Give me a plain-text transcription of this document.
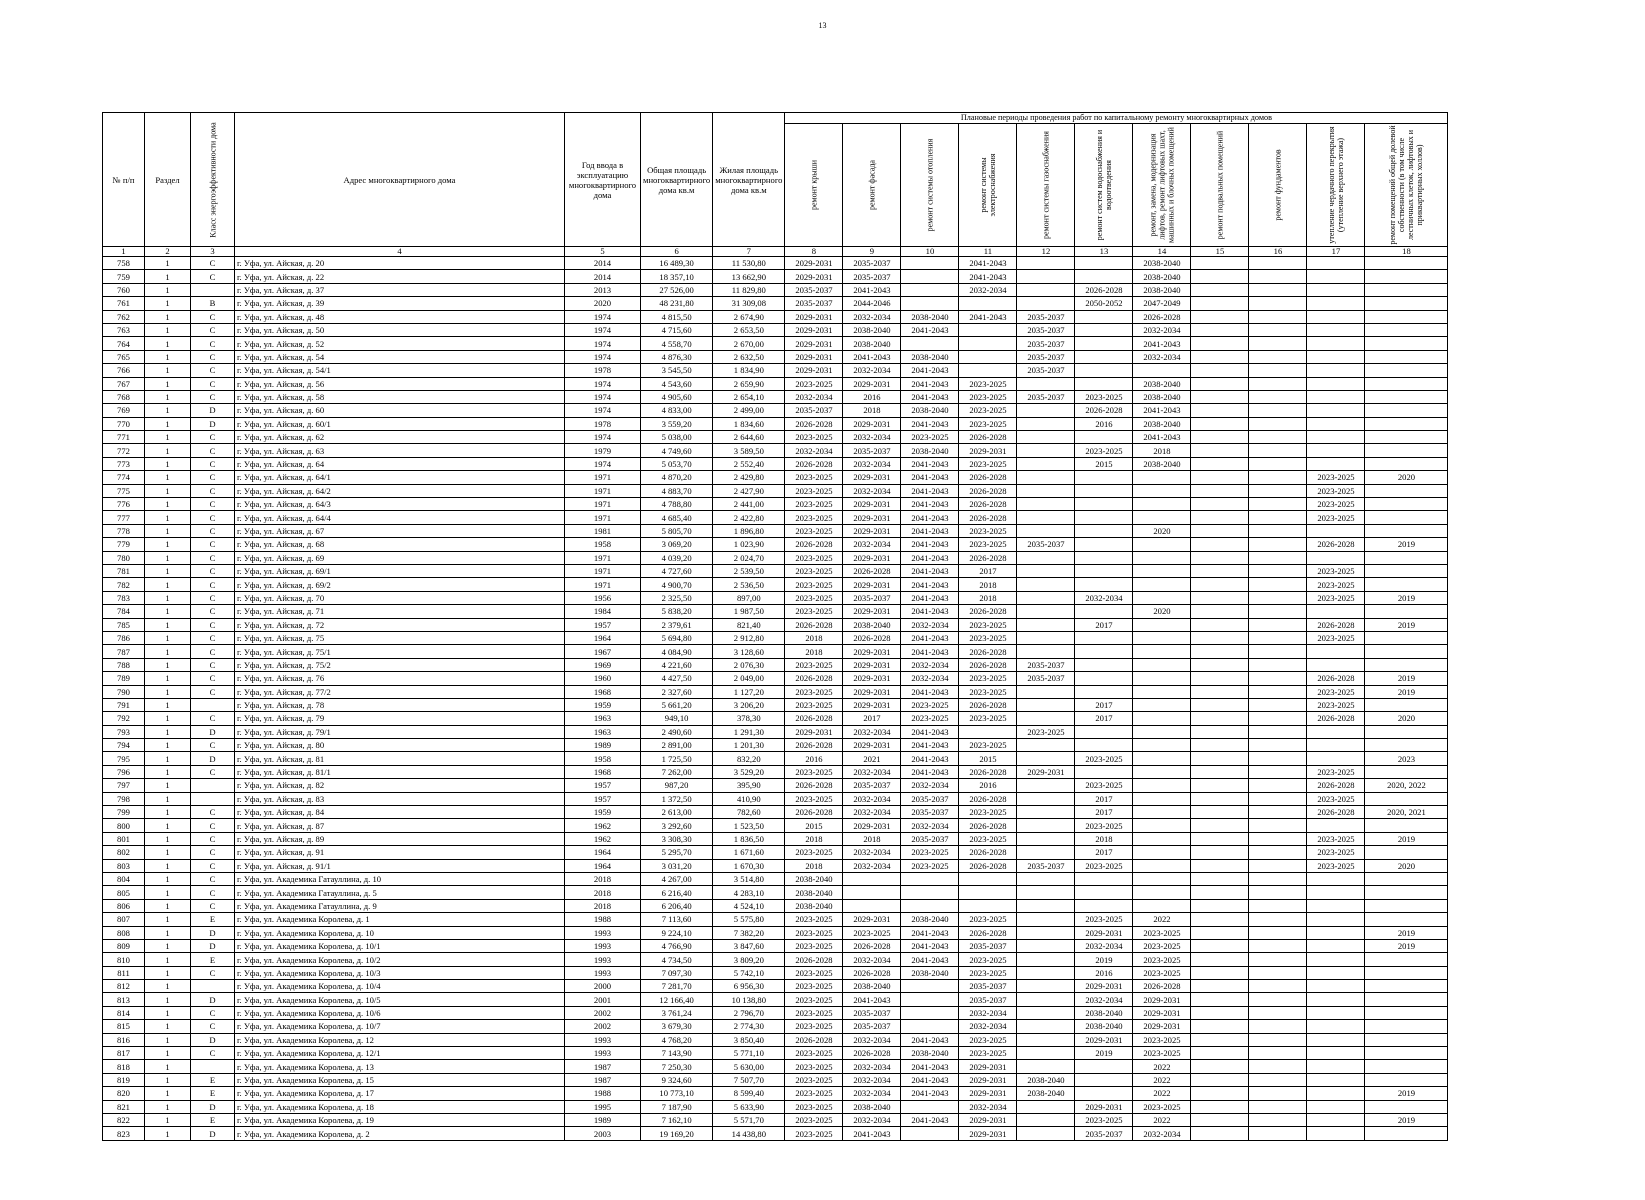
13
№ п/п	Раздел	Класс энергоэффективности дома	Адрес многоквартирного дома	Год ввода в эксплуатацию многоквартирного дома	Общая площадь многоквартирного дома кв.м	Жилая площадь многоквартирного дома кв.м	Плановые периоды проведения работ по капитальному ремонту многоквартирных домов										

							ремонт крыши	ремонт фасада	ремонт системы отопления	ремонт системы электроснабжения	ремонт системы газоснабжения	ремонт систем водоснабжения и водоотведения	ремонт, замена, модернизация лифтов, ремонт лифтовых шахт, машинных и блочных помещений	ремонт подвальных помещений	ремонт фундаментов	утепление чердачного перекрытия (утепление верхнего этажа)	ремонт помещений общей долевой собственности (в том числе лестничных клеток, лифтовых и приквартирных холлов)

1	2	3	4	5	6	7	8	9	10	11	12	13	14	15	16	17	18
758	1	C	г. Уфа, ул. Айская, д. 20	2014	16 489,30	11 530,80	2029-2031	2035-2037		2041-2043			2038-2040				
759	1	C	г. Уфа, ул. Айская, д. 22	2014	18 357,10	13 662,90	2029-2031	2035-2037		2041-2043			2038-2040				
760	1		г. Уфа, ул. Айская, д. 37	2013	27 526,00	11 829,80	2035-2037	2041-2043		2032-2034		2026-2028	2038-2040				
761	1	B	г. Уфа, ул. Айская, д. 39	2020	48 231,80	31 309,08	2035-2037	2044-2046				2050-2052	2047-2049				
762	1	C	г. Уфа, ул. Айская, д. 48	1974	4 815,50	2 674,90	2029-2031	2032-2034	2038-2040	2041-2043	2035-2037		2026-2028				
763	1	C	г. Уфа, ул. Айская, д. 50	1974	4 715,60	2 653,50	2029-2031	2038-2040	2041-2043		2035-2037		2032-2034				
764	1	C	г. Уфа, ул. Айская, д. 52	1974	4 558,70	2 670,00	2029-2031	2038-2040			2035-2037		2041-2043				
765	1	C	г. Уфа, ул. Айская, д. 54	1974	4 876,30	2 632,50	2029-2031	2041-2043	2038-2040		2035-2037		2032-2034				
766	1	C	г. Уфа, ул. Айская, д. 54/1	1978	3 545,50	1 834,90	2029-2031	2032-2034	2041-2043		2035-2037						
767	1	C	г. Уфа, ул. Айская, д. 56	1974	4 543,60	2 659,90	2023-2025	2029-2031	2041-2043	2023-2025			2038-2040				
768	1	C	г. Уфа, ул. Айская, д. 58	1974	4 905,60	2 654,10	2032-2034	2016	2041-2043	2023-2025	2035-2037	2023-2025	2038-2040				
769	1	D	г. Уфа, ул. Айская, д. 60	1974	4 833,00	2 499,00	2035-2037	2018	2038-2040	2023-2025		2026-2028	2041-2043				
770	1	D	г. Уфа, ул. Айская, д. 60/1	1978	3 559,20	1 834,60	2026-2028	2029-2031	2041-2043	2023-2025		2016	2038-2040				
771	1	C	г. Уфа, ул. Айская, д. 62	1974	5 038,00	2 644,60	2023-2025	2032-2034	2023-2025	2026-2028			2041-2043				
772	1	C	г. Уфа, ул. Айская, д. 63	1979	4 749,60	3 589,50	2032-2034	2035-2037	2038-2040	2029-2031		2023-2025	2018				
773	1	C	г. Уфа, ул. Айская, д. 64	1974	5 053,70	2 552,40	2026-2028	2032-2034	2041-2043	2023-2025		2015	2038-2040				
774	1	C	г. Уфа, ул. Айская, д. 64/1	1971	4 870,20	2 429,80	2023-2025	2029-2031	2041-2043	2026-2028						2023-2025	2020
775	1	C	г. Уфа, ул. Айская, д. 64/2	1971	4 883,70	2 427,90	2023-2025	2032-2034	2041-2043	2026-2028						2023-2025	
776	1	C	г. Уфа, ул. Айская, д. 64/3	1971	4 788,80	2 441,00	2023-2025	2029-2031	2041-2043	2026-2028						2023-2025	
777	1	C	г. Уфа, ул. Айская, д. 64/4	1971	4 685,40	2 422,80	2023-2025	2029-2031	2041-2043	2026-2028						2023-2025	
778	1	C	г. Уфа, ул. Айская, д. 67	1981	5 805,70	1 896,80	2023-2025	2029-2031	2041-2043	2023-2025			2020				
779	1	C	г. Уфа, ул. Айская, д. 68	1958	3 069,20	1 023,90	2026-2028	2032-2034	2041-2043	2023-2025	2035-2037					2026-2028	2019
780	1	C	г. Уфа, ул. Айская, д. 69	1971	4 039,20	2 024,70	2023-2025	2029-2031	2041-2043	2026-2028							
781	1	C	г. Уфа, ул. Айская, д. 69/1	1971	4 727,60	2 539,50	2023-2025	2026-2028	2041-2043	2017						2023-2025	
782	1	C	г. Уфа, ул. Айская, д. 69/2	1971	4 900,70	2 536,50	2023-2025	2029-2031	2041-2043	2018						2023-2025	
783	1	C	г. Уфа, ул. Айская, д. 70	1956	2 325,50	897,00	2023-2025	2035-2037	2041-2043	2018		2032-2034				2023-2025	2019
784	1	C	г. Уфа, ул. Айская, д. 71	1984	5 838,20	1 987,50	2023-2025	2029-2031	2041-2043	2026-2028			2020				
785	1	C	г. Уфа, ул. Айская, д. 72	1957	2 379,61	821,40	2026-2028	2038-2040	2032-2034	2023-2025		2017				2026-2028	2019
786	1	C	г. Уфа, ул. Айская, д. 75	1964	5 694,80	2 912,80	2018	2026-2028	2041-2043	2023-2025						2023-2025	
787	1	C	г. Уфа, ул. Айская, д. 75/1	1967	4 084,90	3 128,60	2018	2029-2031	2041-2043	2026-2028							
788	1	C	г. Уфа, ул. Айская, д. 75/2	1969	4 221,60	2 076,30	2023-2025	2029-2031	2032-2034	2026-2028	2035-2037						
789	1	C	г. Уфа, ул. Айская, д. 76	1960	4 427,50	2 049,00	2026-2028	2029-2031	2032-2034	2023-2025	2035-2037					2026-2028	2019
790	1	C	г. Уфа, ул. Айская, д. 77/2	1968	2 327,60	1 127,20	2023-2025	2029-2031	2041-2043	2023-2025						2023-2025	2019
791	1		г. Уфа, ул. Айская, д. 78	1959	5 661,20	3 206,20	2023-2025	2029-2031	2023-2025	2026-2028		2017				2023-2025	
792	1	C	г. Уфа, ул. Айская, д. 79	1963	949,10	378,30	2026-2028	2017	2023-2025	2023-2025		2017				2026-2028	2020
793	1	D	г. Уфа, ул. Айская, д. 79/1	1963	2 490,60	1 291,30	2029-2031	2032-2034	2041-2043		2023-2025						
794	1	C	г. Уфа, ул. Айская, д. 80	1989	2 891,00	1 201,30	2026-2028	2029-2031	2041-2043	2023-2025							
795	1	D	г. Уфа, ул. Айская, д. 81	1958	1 725,50	832,20	2016	2021	2041-2043	2015		2023-2025					2023
796	1	C	г. Уфа, ул. Айская, д. 81/1	1968	7 262,00	3 529,20	2023-2025	2032-2034	2041-2043	2026-2028	2029-2031					2023-2025	
797	1		г. Уфа, ул. Айская, д. 82	1957	987,20	395,90	2026-2028	2035-2037	2032-2034	2016		2023-2025				2026-2028	2020, 2022
798	1		г. Уфа, ул. Айская, д. 83	1957	1 372,50	410,90	2023-2025	2032-2034	2035-2037	2026-2028		2017				2023-2025	
799	1	C	г. Уфа, ул. Айская, д. 84	1959	2 613,00	782,60	2026-2028	2032-2034	2035-2037	2023-2025		2017				2026-2028	2020, 2021
800	1	C	г. Уфа, ул. Айская, д. 87	1962	3 292,60	1 523,50	2015	2029-2031	2032-2034	2026-2028		2023-2025					
801	1	C	г. Уфа, ул. Айская, д. 89	1962	3 308,30	1 836,50	2018	2018	2035-2037	2023-2025		2018				2023-2025	2019
802	1	C	г. Уфа, ул. Айская, д. 91	1964	5 295,70	1 671,60	2023-2025	2032-2034	2023-2025	2026-2028		2017				2023-2025	
803	1	C	г. Уфа, ул. Айская, д. 91/1	1964	3 031,20	1 670,30	2018	2032-2034	2023-2025	2026-2028	2035-2037	2023-2025				2023-2025	2020
804	1	C	г. Уфа, ул. Академика Гатауллина, д. 10	2018	4 267,00	3 514,80	2038-2040										
805	1	C	г. Уфа, ул. Академика Гатауллина, д. 5	2018	6 216,40	4 283,10	2038-2040										
806	1	C	г. Уфа, ул. Академика Гатауллина, д. 9	2018	6 206,40	4 524,10	2038-2040										
807	1	E	г. Уфа, ул. Академика Королева, д. 1	1988	7 113,60	5 575,80	2023-2025	2029-2031	2038-2040	2023-2025		2023-2025	2022				
808	1	D	г. Уфа, ул. Академика Королева, д. 10	1993	9 224,10	7 382,20	2023-2025	2023-2025	2041-2043	2026-2028		2029-2031	2023-2025				2019
809	1	D	г. Уфа, ул. Академика Королева, д. 10/1	1993	4 766,90	3 847,60	2023-2025	2026-2028	2041-2043	2035-2037		2032-2034	2023-2025				2019
810	1	E	г. Уфа, ул. Академика Королева, д. 10/2	1993	4 734,50	3 809,20	2026-2028	2032-2034	2041-2043	2023-2025		2019	2023-2025				
811	1	C	г. Уфа, ул. Академика Королева, д. 10/3	1993	7 097,30	5 742,10	2023-2025	2026-2028	2038-2040	2023-2025		2016	2023-2025				
812	1		г. Уфа, ул. Академика Королева, д. 10/4	2000	7 281,70	6 956,30	2023-2025	2038-2040		2035-2037		2029-2031	2026-2028				
813	1	D	г. Уфа, ул. Академика Королева, д. 10/5	2001	12 166,40	10 138,80	2023-2025	2041-2043		2035-2037		2032-2034	2029-2031				
814	1	C	г. Уфа, ул. Академика Королева, д. 10/6	2002	3 761,24	2 796,70	2023-2025	2035-2037		2032-2034		2038-2040	2029-2031				
815	1	C	г. Уфа, ул. Академика Королева, д. 10/7	2002	3 679,30	2 774,30	2023-2025	2035-2037		2032-2034		2038-2040	2029-2031				
816	1	D	г. Уфа, ул. Академика Королева, д. 12	1993	4 768,20	3 850,40	2026-2028	2032-2034	2041-2043	2023-2025		2029-2031	2023-2025				
817	1	C	г. Уфа, ул. Академика Королева, д. 12/1	1993	7 143,90	5 771,10	2023-2025	2026-2028	2038-2040	2023-2025		2019	2023-2025				
818	1		г. Уфа, ул. Академика Королева, д. 13	1987	7 250,30	5 630,00	2023-2025	2032-2034	2041-2043	2029-2031			2022				
819	1	E	г. Уфа, ул. Академика Королева, д. 15	1987	9 324,60	7 507,70	2023-2025	2032-2034	2041-2043	2029-2031	2038-2040		2022				
820	1	E	г. Уфа, ул. Академика Королева, д. 17	1988	10 773,10	8 599,40	2023-2025	2032-2034	2041-2043	2029-2031	2038-2040		2022				2019
821	1	D	г. Уфа, ул. Академика Королева, д. 18	1995	7 187,90	5 633,90	2023-2025	2038-2040		2032-2034		2029-2031	2023-2025				
822	1	E	г. Уфа, ул. Академика Королева, д. 19	1989	7 162,10	5 571,70	2023-2025	2032-2034	2041-2043	2029-2031		2023-2025	2022				2019
823	1	D	г. Уфа, ул. Академика Королева, д. 2	2003	19 169,20	14 438,80	2023-2025	2041-2043		2029-2031		2035-2037	2032-2034				
